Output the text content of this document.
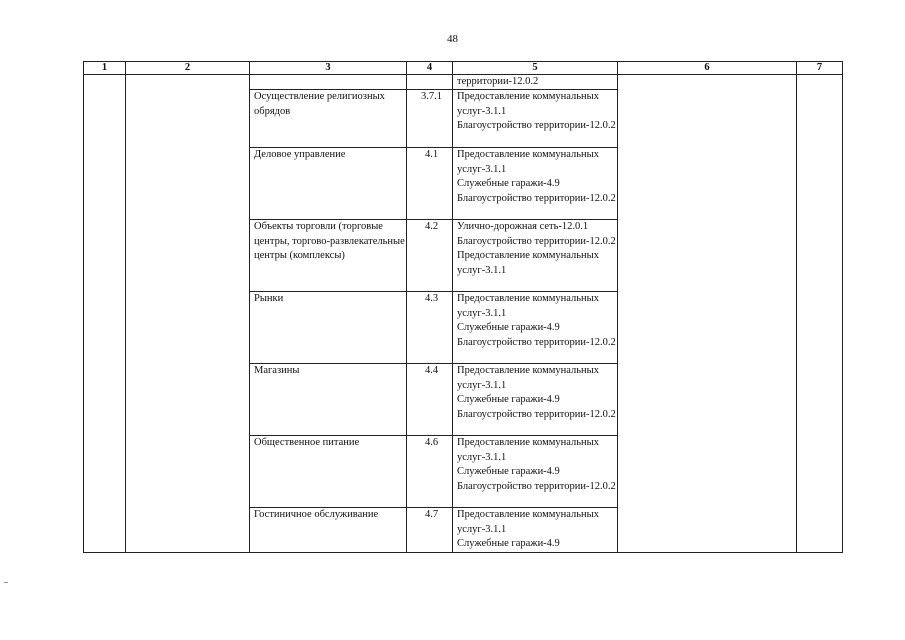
48
1	2	3	4	5	6	7

				территории-12.0.2		

		Осуществление религиозных обрядов	3.7.1	Предоставление коммунальных услуг-3.1.1
Благоустройство территории-12.0.2		

		Деловое управление	4.1	Предоставление коммунальных услуг-3.1.1
Служебные гаражи-4.9
Благоустройство территории-12.0.2		

		Объекты торговли (торговые центры, торгово-развлекательные центры (комплексы)	4.2	Улично-дорожная сеть-12.0.1
Благоустройство территории-12.0.2
Предоставление коммунальных услуг-3.1.1		

		Рынки	4.3	Предоставление коммунальных услуг-3.1.1
Служебные гаражи-4.9
Благоустройство территории-12.0.2		

		Магазины	4.4	Предоставление коммунальных услуг-3.1.1
Служебные гаражи-4.9
Благоустройство территории-12.0.2		

		Общественное питание	4.6	Предоставление коммунальных услуг-3.1.1
Служебные гаражи-4.9
Благоустройство территории-12.0.2		

		Гостиничное обслуживание	4.7	Предоставление коммунальных услуг-3.1.1
Служебные гаражи-4.9		
